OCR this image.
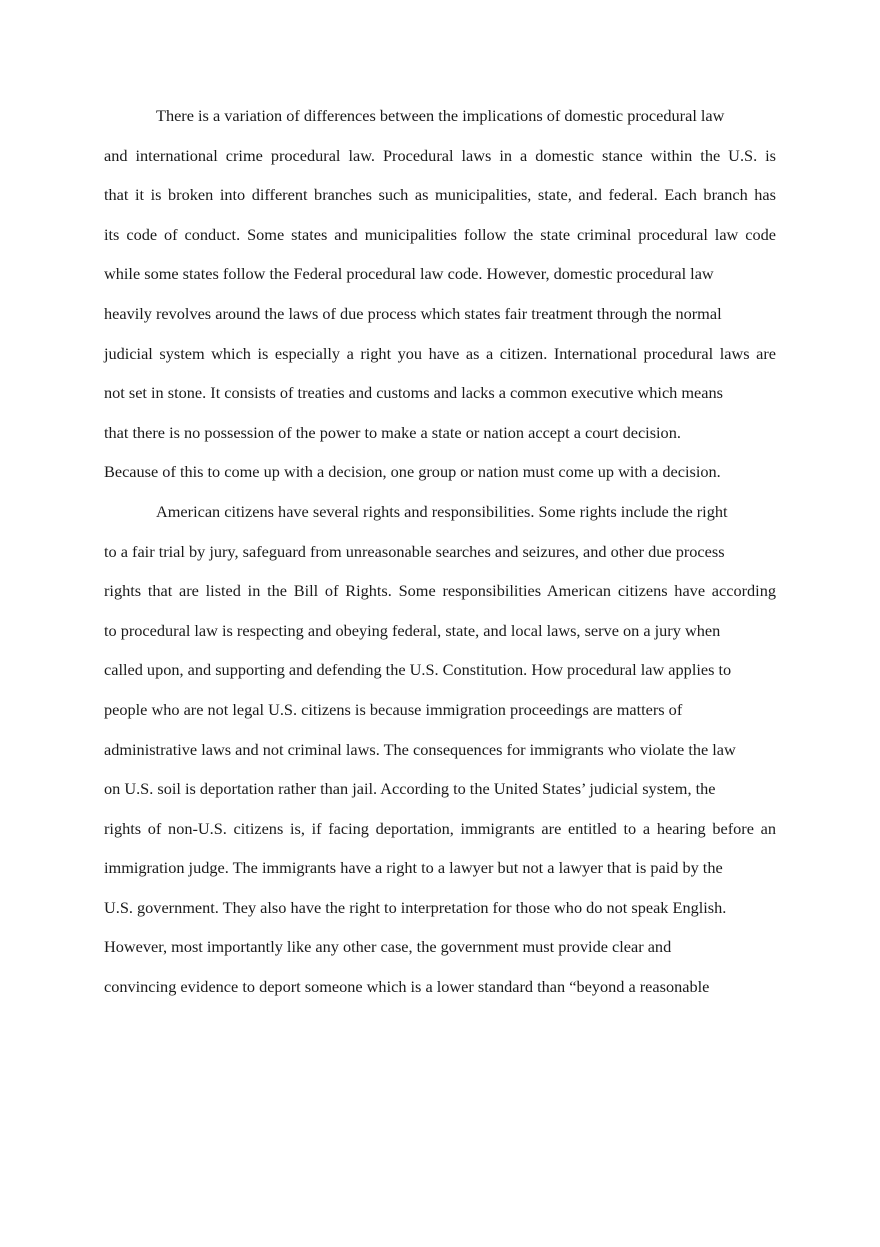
There is a variation of differences between the implications of domestic procedural law
and international crime procedural law. Procedural laws in a domestic stance within the U.S. is
that it is broken into different branches such as municipalities, state, and federal. Each branch has
its code of conduct. Some states and municipalities follow the state criminal procedural law code
while some states follow the Federal procedural law code. However, domestic procedural law
heavily revolves around the laws of due process which states fair treatment through the normal
judicial system which is especially a right you have as a citizen. International procedural laws are
not set in stone. It consists of treaties and customs and lacks a common executive which means
that there is no possession of the power to make a state or nation accept a court decision.
Because of this to come up with a decision, one group or nation must come up with a decision.
American citizens have several rights and responsibilities. Some rights include the right
to a fair trial by jury, safeguard from unreasonable searches and seizures, and other due process
rights that are listed in the Bill of Rights. Some responsibilities American citizens have according
to procedural law is respecting and obeying federal, state, and local laws, serve on a jury when
called upon, and supporting and defending the U.S. Constitution. How procedural law applies to
people who are not legal U.S. citizens is because immigration proceedings are matters of
administrative laws and not criminal laws. The consequences for immigrants who violate the law
on U.S. soil is deportation rather than jail. According to the United States’ judicial system, the
rights of non-U.S. citizens is, if facing deportation, immigrants are entitled to a hearing before an
immigration judge. The immigrants have a right to a lawyer but not a lawyer that is paid by the
U.S. government. They also have the right to interpretation for those who do not speak English.
However, most importantly like any other case, the government must provide clear and
convincing evidence to deport someone which is a lower standard than “beyond a reasonable
